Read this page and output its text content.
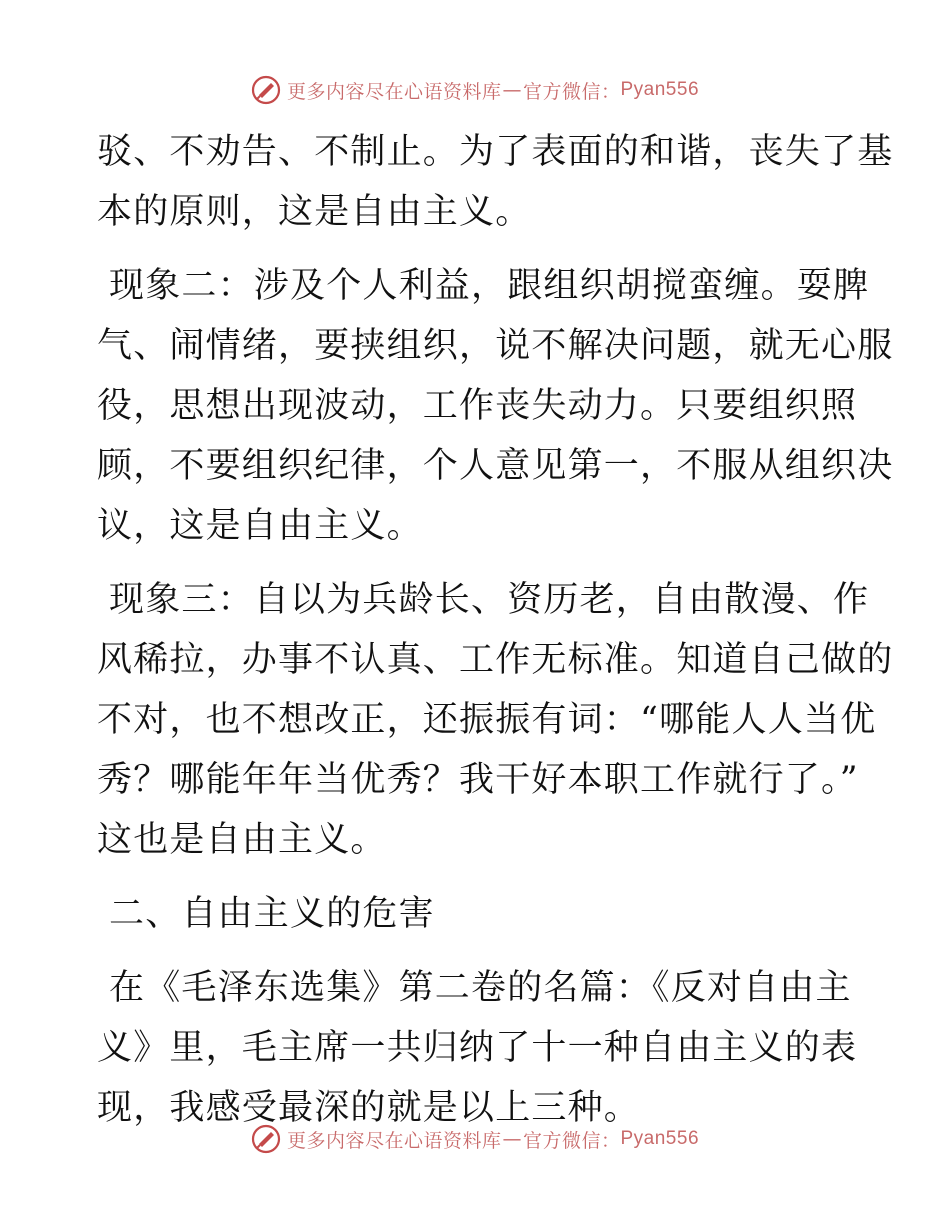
更多内容尽在心语资料库 — 官方微信： Pyan556
驳、不劝告、不制止。为了表面的和谐，丧失了基
本的原则，这是自由主义。
现象二：涉及个人利益，跟组织胡搅蛮缠。耍脾
气、闹情绪，要挟组织，说不解决问题，就无心服
役，思想出现波动，工作丧失动力。只要组织照
顾，不要组织纪律，个人意见第一，不服从组织决
议，这是自由主义。
现象三：自以为兵龄长、资历老，自由散漫、作
风稀拉，办事不认真、工作无标准。知道自己做的
不对，也不想改正，还振振有词：“哪能人人当优
秀？哪能年年当优秀？我干好本职工作就行了。”
这也是自由主义。
二、自由主义的危害
在《毛泽东选集》第二卷的名篇：《反对自由主
义》里，毛主席一共归纳了十一种自由主义的表
现，我感受最深的就是以上三种。
更多内容尽在心语资料库 — 官方微信： Pyan556
